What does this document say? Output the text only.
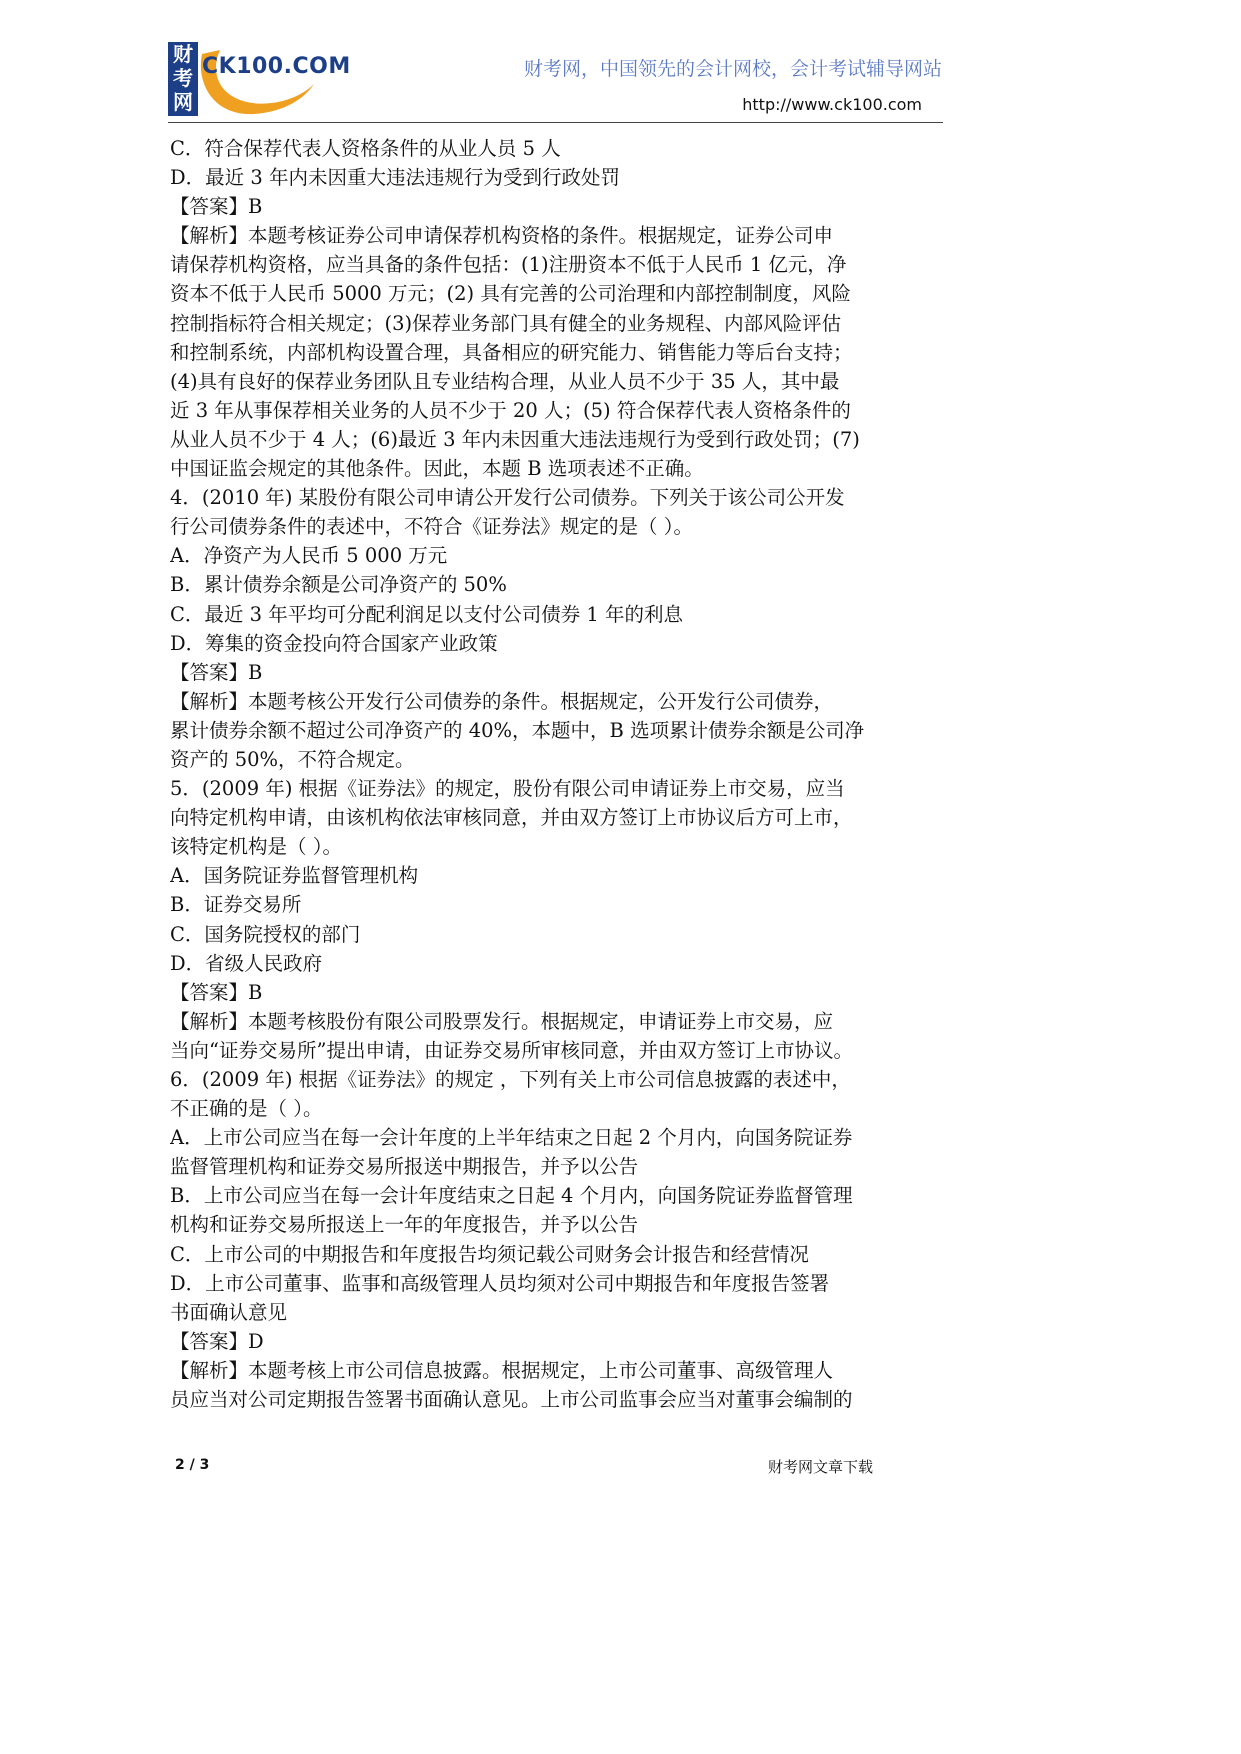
财
考
网
CK100.COM	财考网，中国领先的会计网校，会计考试辅导网站
http://www.ck100.com
C．符合保荐代表人资格条件的从业人员 5 人
D．最近 3 年内未因重大违法违规行为受到行政处罚
【答案】B
【解析】本题考核证券公司申请保荐机构资格的条件。根据规定，证券公司申
请保荐机构资格，应当具备的条件包括：(1)注册资本不低于人民币 1 亿元，净
资本不低于人民币 5000 万元；(2) 具有完善的公司治理和内部控制制度，风险
控制指标符合相关规定；(3)保荐业务部门具有健全的业务规程、内部风险评估
和控制系统，内部机构设置合理，具备相应的研究能力、销售能力等后台支持；
(4)具有良好的保荐业务团队且专业结构合理，从业人员不少于 35 人，其中最
近 3 年从事保荐相关业务的人员不少于 20 人；(5) 符合保荐代表人资格条件的
从业人员不少于 4 人；(6)最近 3 年内未因重大违法违规行为受到行政处罚；(7)
中国证监会规定的其他条件。因此，本题 B 选项表述不正确。
4．(2010 年) 某股份有限公司申请公开发行公司债券。下列关于该公司公开发
行公司债券条件的表述中，不符合《证券法》规定的是（ ）。
A．净资产为人民币 5 000 万元
B．累计债券余额是公司净资产的 50%
C．最近 3 年平均可分配利润足以支付公司债券 1 年的利息
D．筹集的资金投向符合国家产业政策
【答案】B
【解析】本题考核公开发行公司债券的条件。根据规定，公开发行公司债券，
累计债券余额不超过公司净资产的 40%，本题中，B 选项累计债券余额是公司净
资产的 50%，不符合规定。
5．(2009 年) 根据《证券法》的规定，股份有限公司申请证券上市交易，应当
向特定机构申请，由该机构依法审核同意，并由双方签订上市协议后方可上市，
该特定机构是（ ）。
A．国务院证券监督管理机构
B．证券交易所
C．国务院授权的部门
D．省级人民政府
【答案】B
【解析】本题考核股份有限公司股票发行。根据规定，申请证券上市交易，应
当向“证券交易所”提出申请，由证券交易所审核同意，并由双方签订上市协议。
6．(2009 年) 根据《证券法》的规定 ，下列有关上市公司信息披露的表述中，
不正确的是（ ）。
A．上市公司应当在每一会计年度的上半年结束之日起 2 个月内，向国务院证券
监督管理机构和证券交易所报送中期报告，并予以公告
B．上市公司应当在每一会计年度结束之日起 4 个月内，向国务院证券监督管理
机构和证券交易所报送上一年的年度报告，并予以公告
C．上市公司的中期报告和年度报告均须记载公司财务会计报告和经营情况
D．上市公司董事、监事和高级管理人员均须对公司中期报告和年度报告签署
书面确认意见
【答案】D
【解析】本题考核上市公司信息披露。根据规定，上市公司董事、高级管理人
员应当对公司定期报告签署书面确认意见。上市公司监事会应当对董事会编制的
2 / 3	财考网文章下载
